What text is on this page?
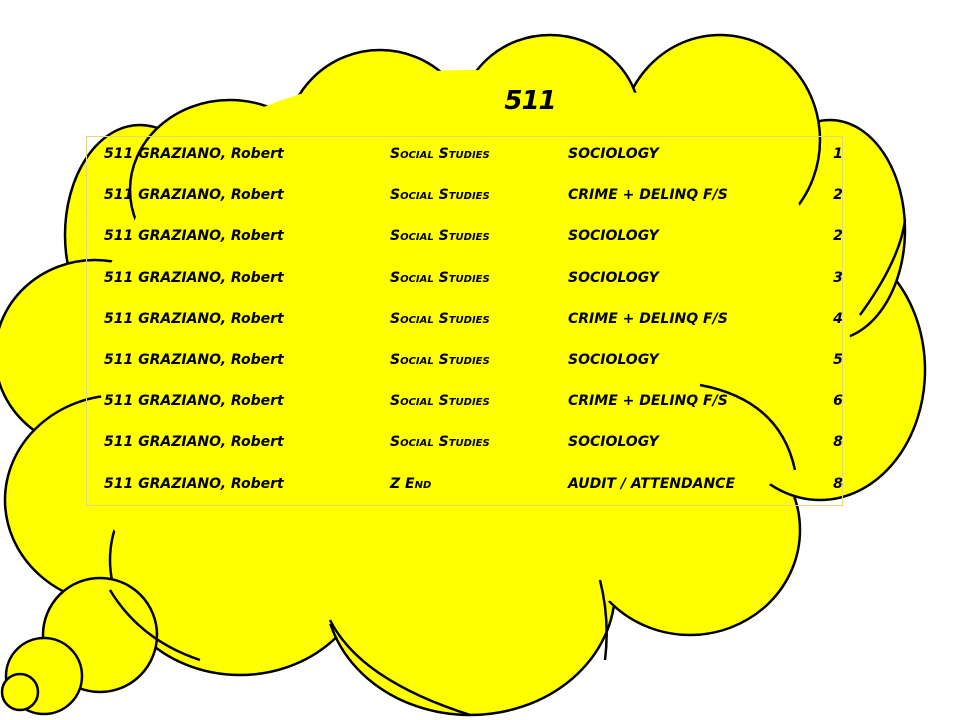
511
511 GRAZIANO, Robert	Social Studies	SOCIOLOGY	1
511 GRAZIANO, Robert	Social Studies	CRIME + DELINQ F/S	2
511 GRAZIANO, Robert	Social Studies	SOCIOLOGY	2
511 GRAZIANO, Robert	Social Studies	SOCIOLOGY	3
511 GRAZIANO, Robert	Social Studies	CRIME + DELINQ F/S	4
511 GRAZIANO, Robert	Social Studies	SOCIOLOGY	5
511 GRAZIANO, Robert	Social Studies	CRIME + DELINQ F/S	6
511 GRAZIANO, Robert	Social Studies	SOCIOLOGY	8
511 GRAZIANO, Robert	Z End	AUDIT / ATTENDANCE	8
